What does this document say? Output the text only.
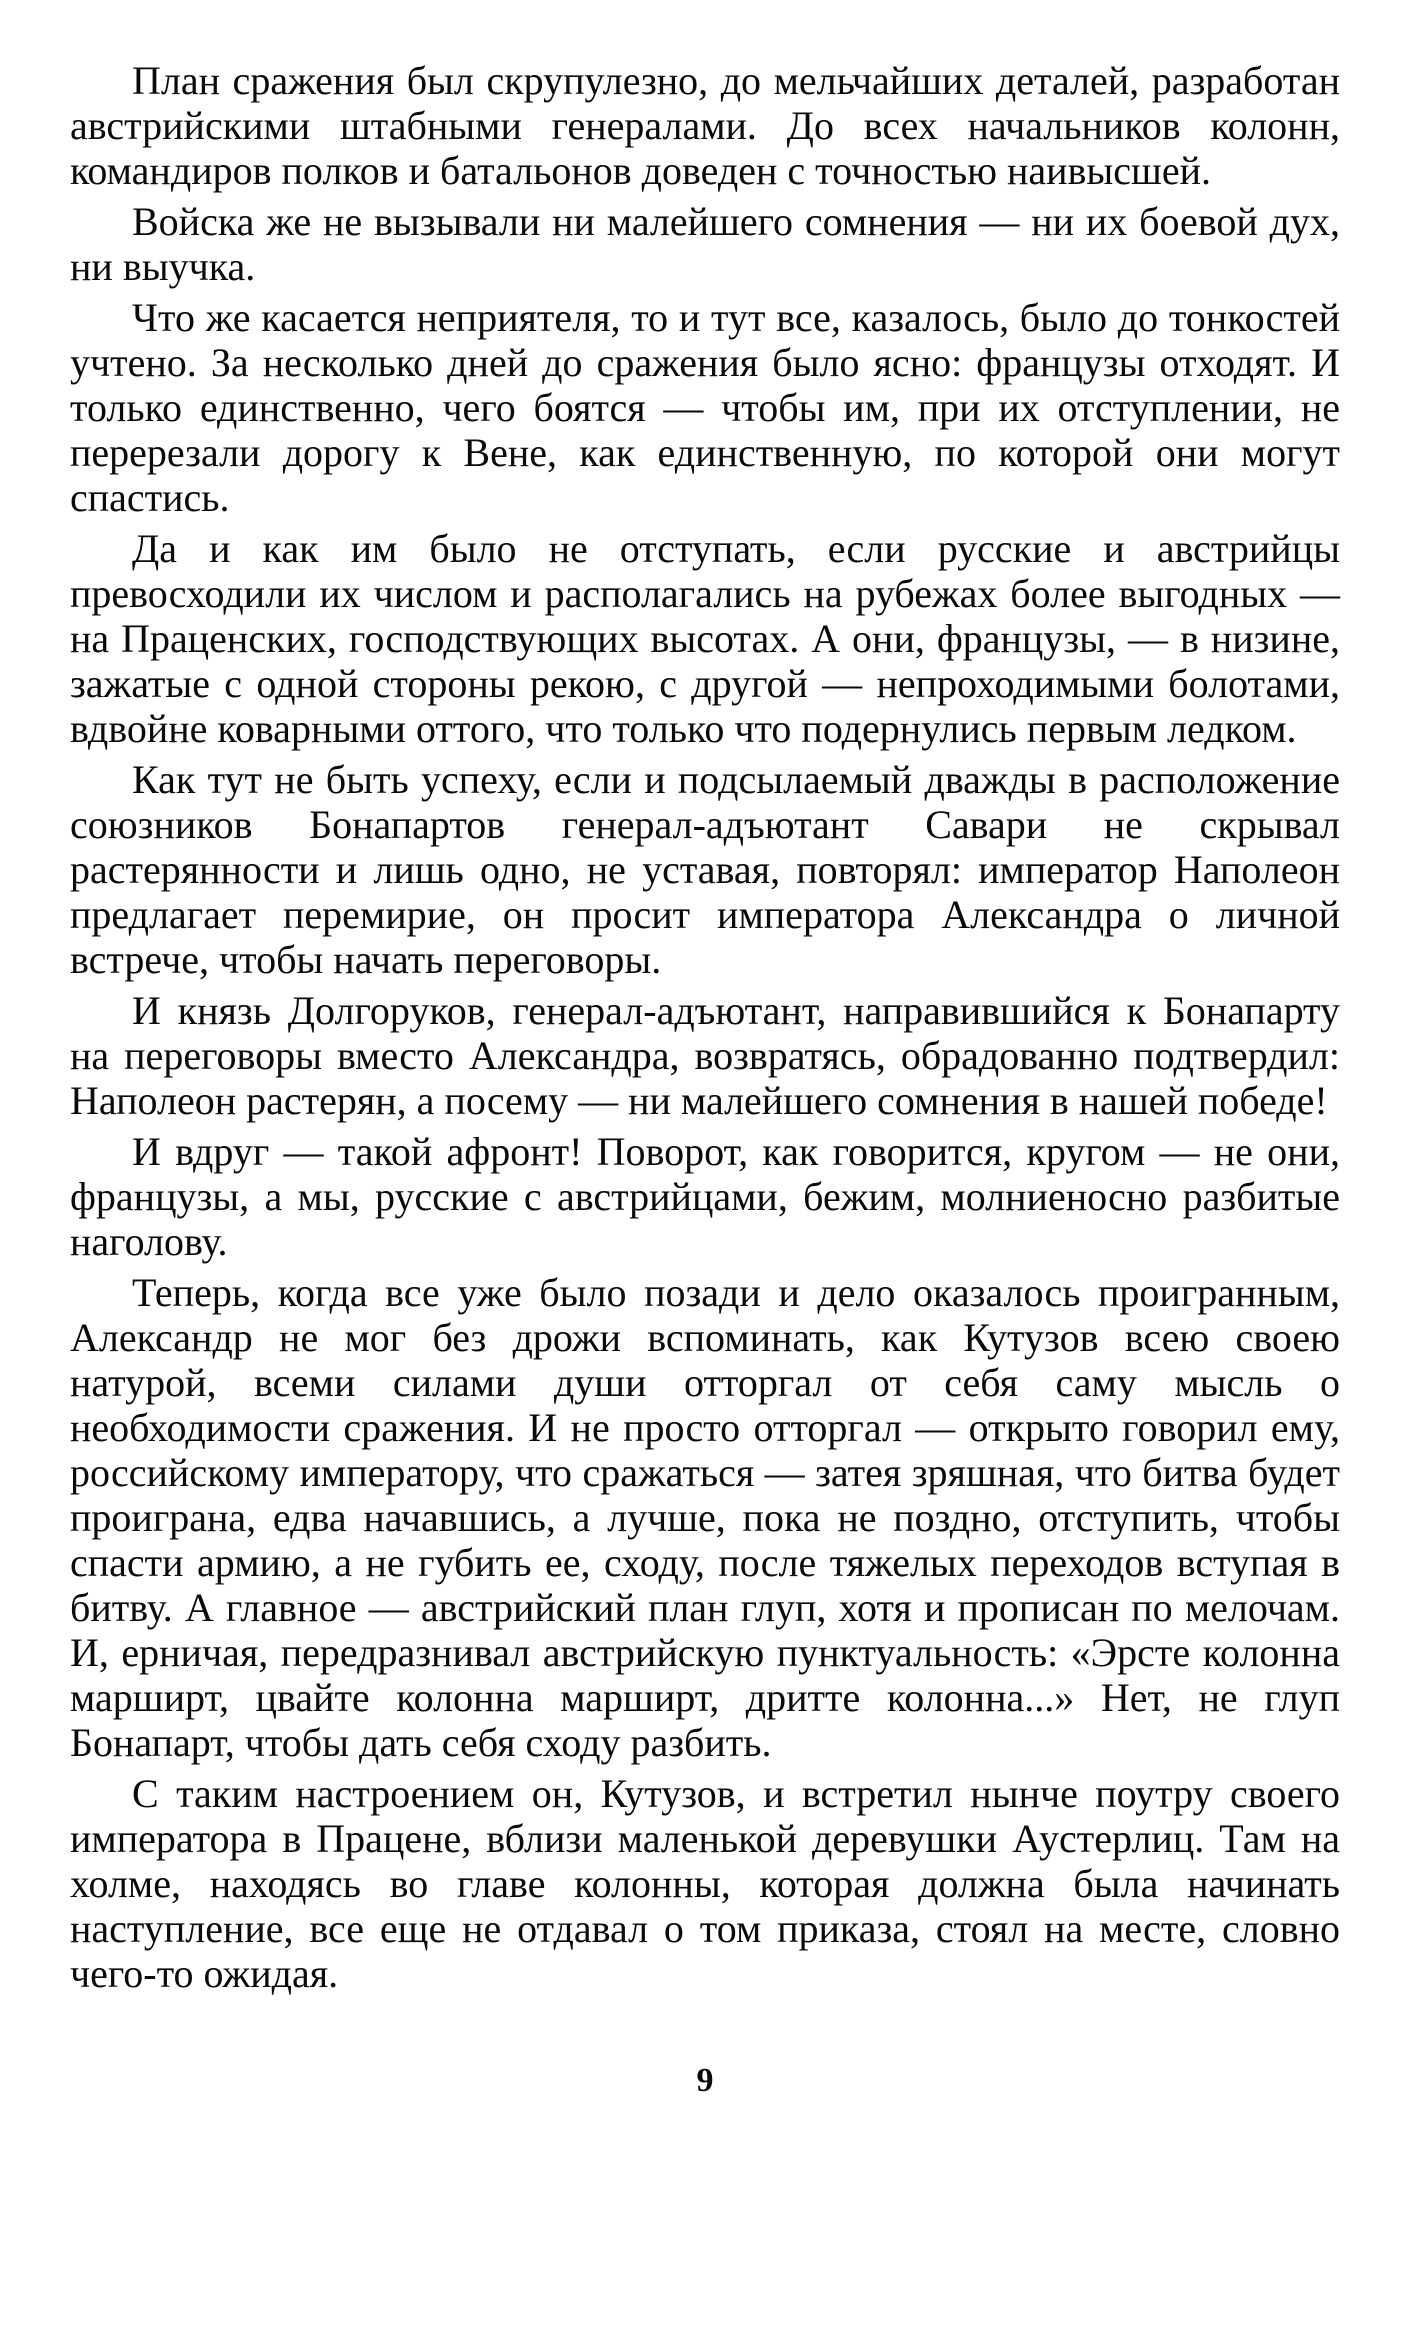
План сражения был скрупулезно, до мельчайших деталей, разработан австрийскими штабными генералами. До всех начальников колонн, командиров полков и батальонов доведен с точностью наивысшей.

Войска же не вызывали ни малейшего сомнения — ни их боевой дух, ни выучка.

Что же касается неприятеля, то и тут все, казалось, было до тонкостей учтено. За несколько дней до сражения было ясно: французы отходят. И только единственно, чего боятся — чтобы им, при их отступлении, не перерезали дорогу к Вене, как единственную, по которой они могут спастись.

Да и как им было не отступать, если русские и австрийцы превосходили их числом и располагались на рубежах более выгодных — на Праценских, господствующих высотах. А они, французы, — в низине, зажатые с одной стороны рекою, с другой — непроходимыми болотами, вдвойне коварными оттого, что только что подернулись первым ледком.

Как тут не быть успеху, если и подсылаемый дважды в расположение союзников Бонапартов генерал-адъютант Савари не скрывал растерянности и лишь одно, не уставая, повторял: император Наполеон предлагает перемирие, он просит императора Александра о личной встрече, чтобы начать переговоры.

И князь Долгоруков, генерал-адъютант, направившийся к Бонапарту на переговоры вместо Александра, возвратясь, обрадованно подтвердил: Наполеон растерян, а посему — ни малейшего сомнения в нашей победе!

И вдруг — такой афронт! Поворот, как говорится, кругом — не они, французы, а мы, русские с австрийцами, бежим, молниеносно разбитые наголову.

Теперь, когда все уже было позади и дело оказалось проигранным, Александр не мог без дрожи вспоминать, как Кутузов всею своею натурой, всеми силами души отторгал от себя саму мысль о необходимости сражения. И не просто отторгал — открыто говорил ему, российскому императору, что сражаться — затея зряшная, что битва будет проиграна, едва начавшись, а лучше, пока не поздно, отступить, чтобы спасти армию, а не губить ее, сходу, после тяжелых переходов вступая в битву. А главное — австрийский план глуп, хотя и прописан по мелочам. И, ерничая, передразнивал австрийскую пунктуальность: «Эрсте колонна марширт, цвайте колонна марширт, дритте колонна...» Нет, не глуп Бонапарт, чтобы дать себя сходу разбить.

С таким настроением он, Кутузов, и встретил нынче поутру своего императора в Працене, вблизи маленькой деревушки Аустерлиц. Там на холме, находясь во главе колонны, которая должна была начинать наступление, все еще не отдавал о том приказа, стоял на месте, словно чего-то ожидая.

9
